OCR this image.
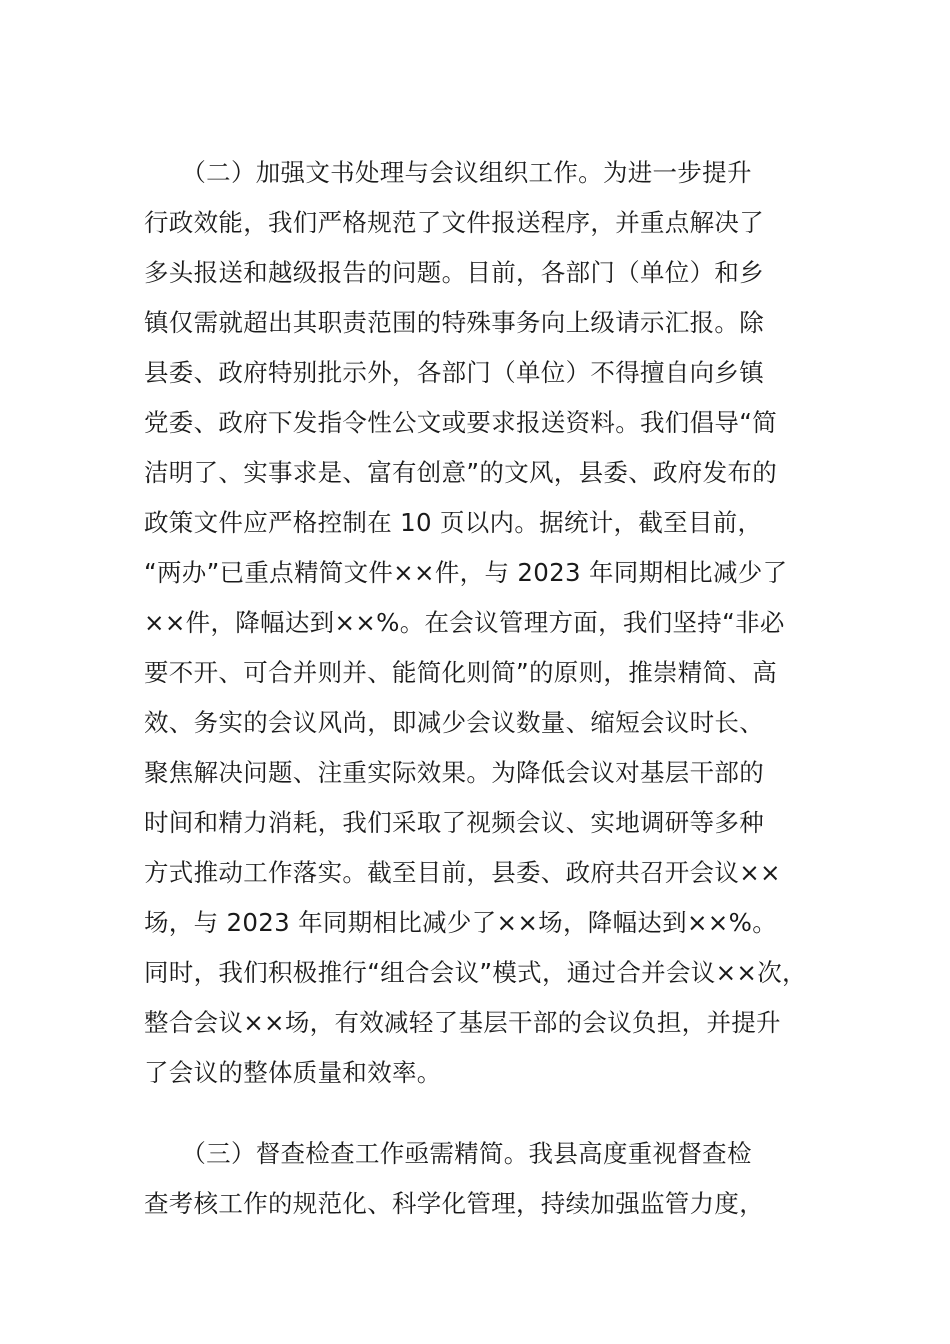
　　（二）加强文书处理与会议组织工作。为进一步提升
行政效能，我们严格规范了文件报送程序，并重点解决了
多头报送和越级报告的问题。目前，各部门（单位）和乡
镇仅需就超出其职责范围的特殊事务向上级请示汇报。除
县委、政府特别批示外，各部门（单位）不得擅自向乡镇
党委、政府下发指令性公文或要求报送资料。我们倡导“简
洁明了、实事求是、富有创意”的文风，县委、政府发布的
政策文件应严格控制在 10 页以内。据统计，截至目前，
“两办”已重点精简文件××件，与 2023 年同期相比减少了
××件，降幅达到××%。在会议管理方面，我们坚持“非必
要不开、可合并则并、能简化则简”的原则，推崇精简、高
效、务实的会议风尚，即减少会议数量、缩短会议时长、
聚焦解决问题、注重实际效果。为降低会议对基层干部的
时间和精力消耗，我们采取了视频会议、实地调研等多种
方式推动工作落实。截至目前，县委、政府共召开会议××
场，与 2023 年同期相比减少了××场，降幅达到××%。
同时，我们积极推行“组合会议”模式，通过合并会议××次，
整合会议××场，有效减轻了基层干部的会议负担，并提升
了会议的整体质量和效率。
　　（三）督查检查工作亟需精简。我县高度重视督查检
查考核工作的规范化、科学化管理，持续加强监管力度，
